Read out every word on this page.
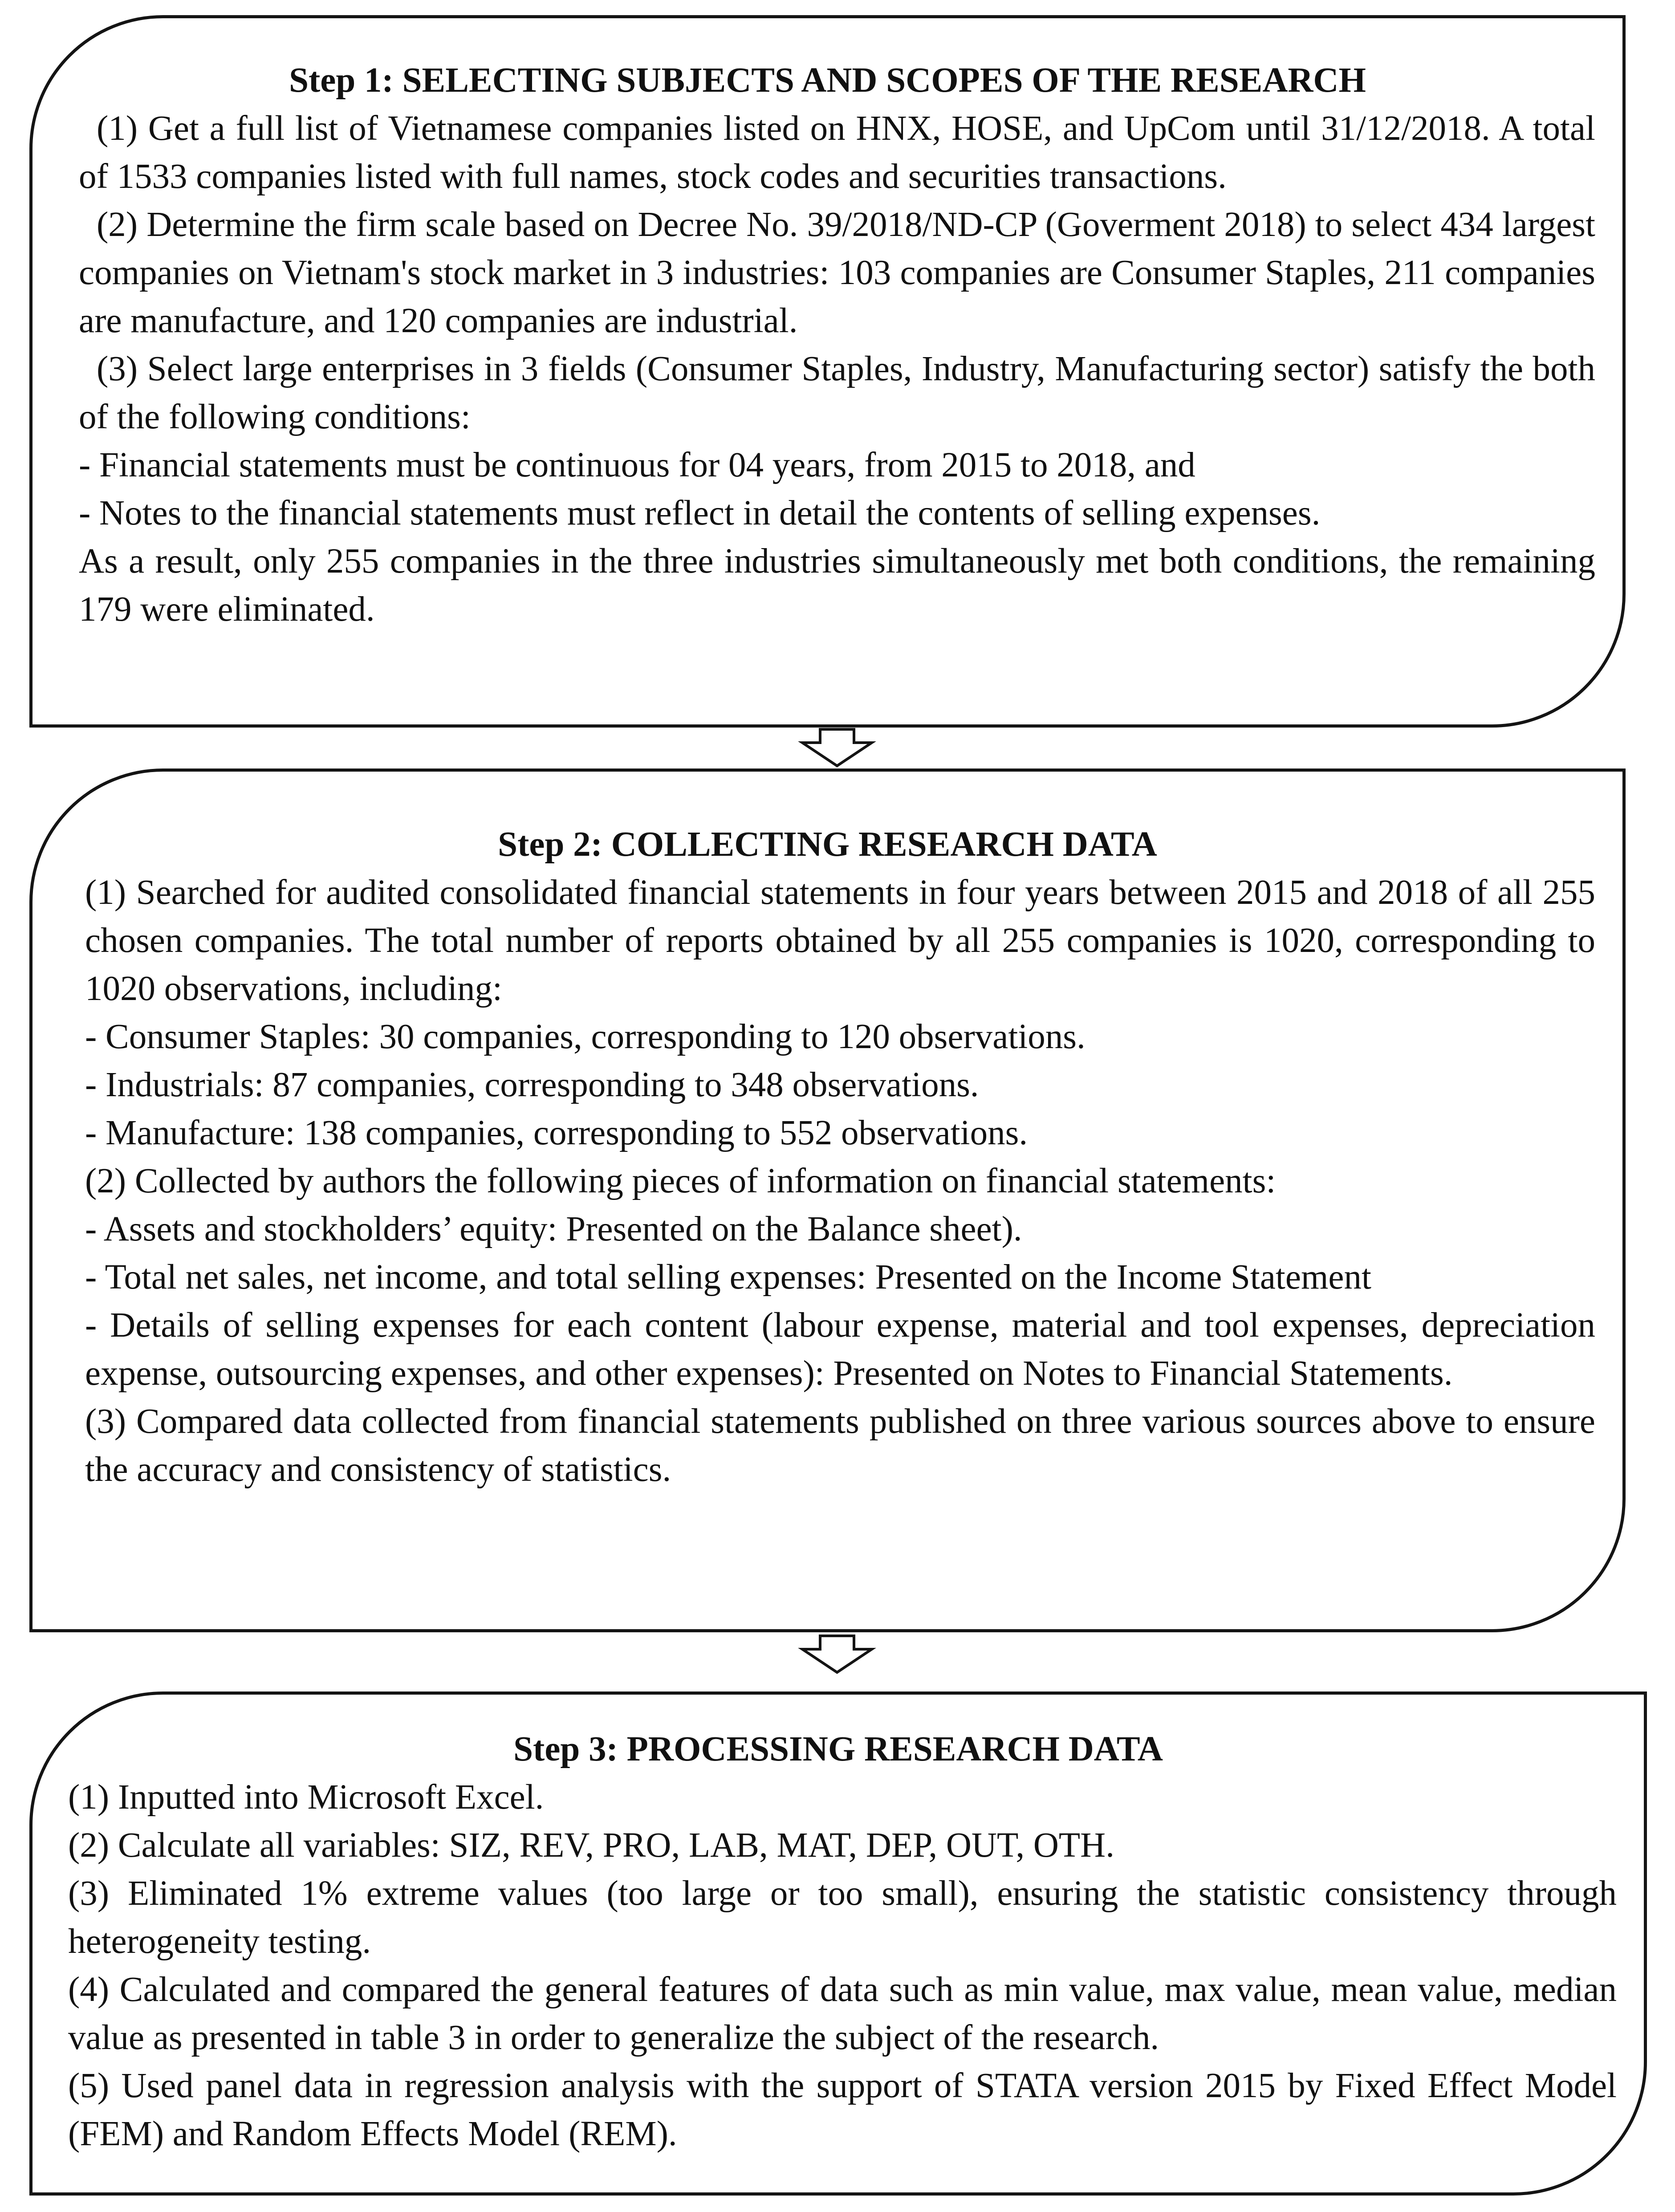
Step 1: SELECTING SUBJECTS AND SCOPES OF THE RESEARCH

(1) Get a full list of Vietnamese companies listed on HNX, HOSE, and UpCom until 31/12/2018. A total of 1533 companies listed with full names, stock codes and securities transactions.

(2) Determine the firm scale based on Decree No. 39/2018/ND-CP (Goverment 2018) to select 434 largest companies on Vietnam's stock market in 3 industries: 103 companies are Consumer Staples, 211 companies are manufacture, and 120 companies are industrial.

(3) Select large enterprises in 3 fields (Consumer Staples, Industry, Manufacturing sector) satisfy the both of the following conditions:

- Financial statements must be continuous for 04 years, from 2015 to 2018, and

- Notes to the financial statements must reflect in detail the contents of selling expenses.

As a result, only 255 companies in the three industries simultaneously met both conditions, the remaining 179 were eliminated.

Step 2: COLLECTING RESEARCH DATA

(1) Searched for audited consolidated financial statements in four years between 2015 and 2018 of all 255 chosen companies. The total number of reports obtained by all 255 companies is 1020, corresponding to 1020 observations, including:

- Consumer Staples: 30 companies, corresponding to 120 observations.

- Industrials: 87 companies, corresponding to 348 observations.

- Manufacture: 138 companies, corresponding to 552 observations.

(2) Collected by authors the following pieces of information on financial statements:

- Assets and stockholders’ equity: Presented on the Balance sheet).

- Total net sales, net income, and total selling expenses: Presented on the Income Statement

- Details of selling expenses for each content (labour expense, material and tool expenses, depreciation expense, outsourcing expenses, and other expenses): Presented on Notes to Financial Statements.

(3) Compared data collected from financial statements published on three various sources above to ensure the accuracy and consistency of statistics.

Step 3: PROCESSING RESEARCH DATA

(1) Inputted into Microsoft Excel.

(2) Calculate all variables: SIZ, REV, PRO, LAB, MAT, DEP, OUT, OTH.

(3) Eliminated 1% extreme values (too large or too small), ensuring the statistic consistency through heterogeneity testing.

(4) Calculated and compared the general features of data such as min value, max value, mean value, median value as presented in table 3 in order to generalize the subject of the research.

(5) Used panel data in regression analysis with the support of STATA version 2015 by Fixed Effect Model (FEM) and Random Effects Model (REM).
